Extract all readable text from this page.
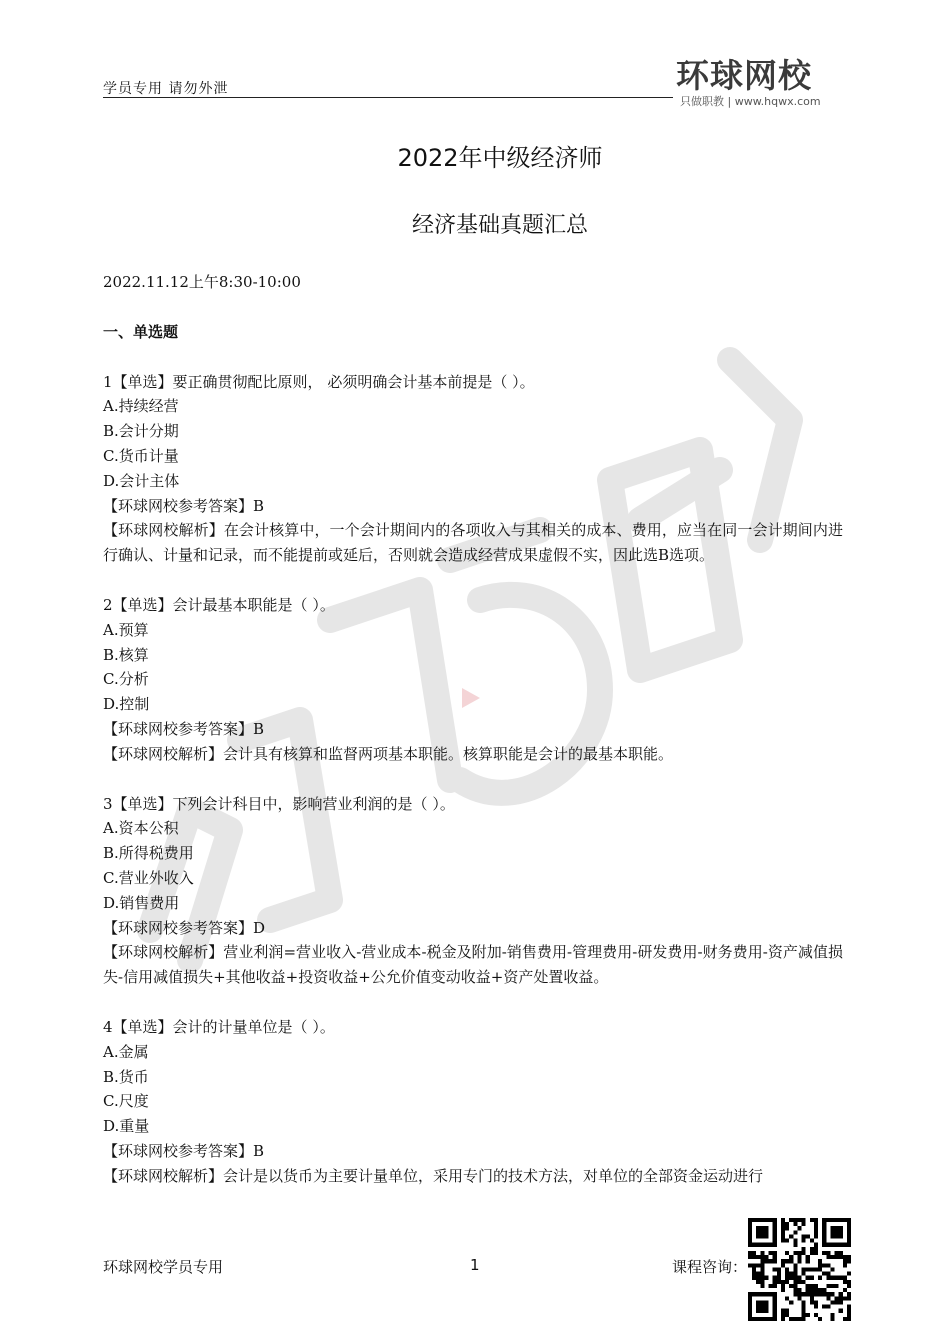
学员专用 请勿外泄	环球网校
只做职教 | www.hqwx.com
2022年中级经济师
经济基础真题汇总

2022.11.12上午8:30-10:00

一、单选题

1【单选】要正确贯彻配比原则， 必须明确会计基本前提是（ ）。

A.持续经营

B.会计分期

C.货币计量

D.会计主体

【环球网校参考答案】B

【环球网校解析】在会计核算中，一个会计期间内的各项收入与其相关的成本、费用，应当在同一会计期间内进行确认、计量和记录，而不能提前或延后，否则就会造成经营成果虚假不实，因此选B选项。

2【单选】会计最基本职能是（ ）。

A.预算

B.核算

C.分析

D.控制

【环球网校参考答案】B

【环球网校解析】会计具有核算和监督两项基本职能。核算职能是会计的最基本职能。

3【单选】下列会计科目中，影响营业利润的是（ ）。

A.资本公积

B.所得税费用

C.营业外收入

D.销售费用

【环球网校参考答案】D

【环球网校解析】营业利润=营业收入-营业成本-税金及附加-销售费用-管理费用-研发费用-财务费用-资产减值损失-信用减值损失+其他收益+投资收益+公允价值变动收益+资产处置收益。

4【单选】会计的计量单位是（ ）。

A.金属

B.货币

C.尺度

D.重量

【环球网校参考答案】B

【环球网校解析】会计是以货币为主要计量单位，采用专门的技术方法，对单位的全部资金运动进行

环球网校学员专用	1	课程咨询：
